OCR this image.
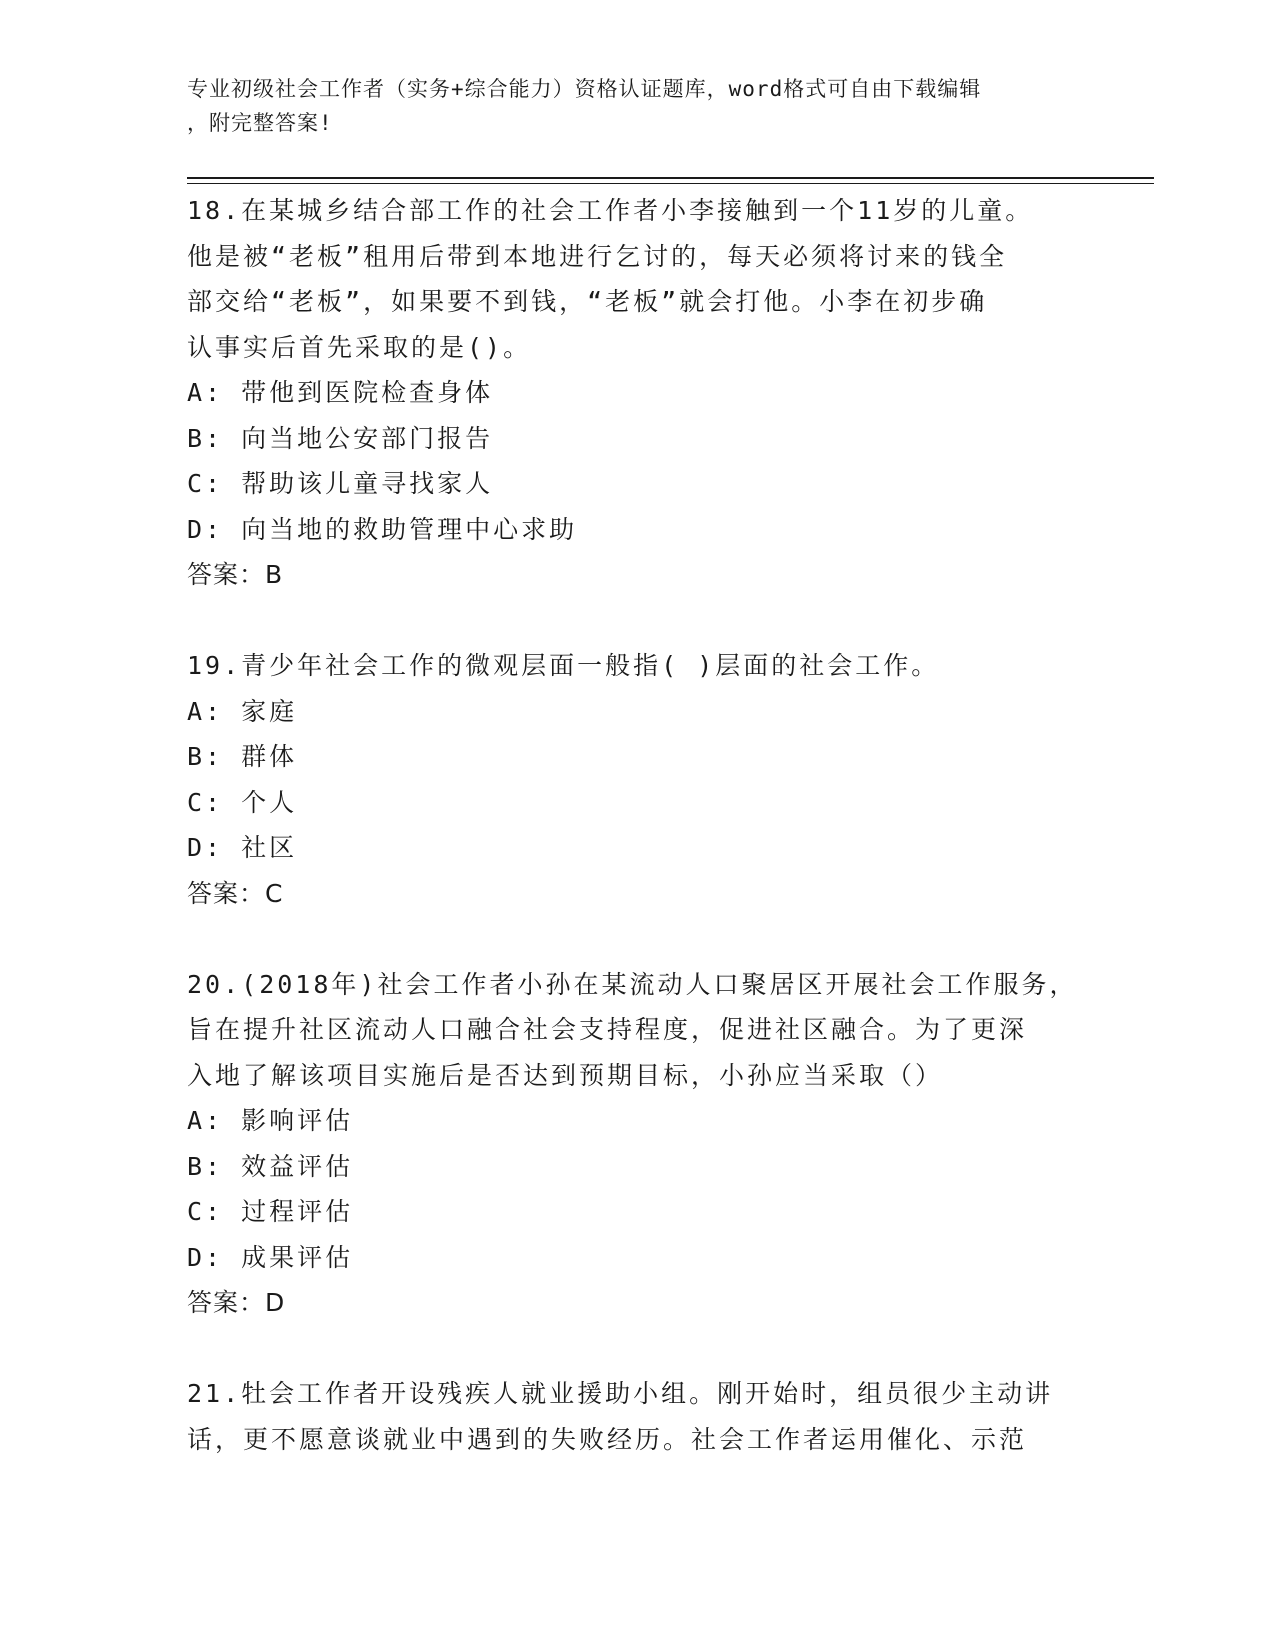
专业初级社会工作者（实务+综合能力）资格认证题库，word格式可自由下载编辑
，附完整答案!
18.在某城乡结合部工作的社会工作者小李接触到一个11岁的儿童。
他是被“老板”租用后带到本地进行乞讨的，每天必须将讨来的钱全
部交给“老板”，如果要不到钱，“老板”就会打他。小李在初步确
认事实后首先采取的是()。
A: 带他到医院检查身体
B: 向当地公安部门报告
C: 帮助该儿童寻找家人
D: 向当地的救助管理中心求助
答案：B
19.青少年社会工作的微观层面一般指( )层面的社会工作。
A: 家庭
B: 群体
C: 个人
D: 社区
答案：C
20.(2018年)社会工作者小孙在某流动人口聚居区开展社会工作服务，
旨在提升社区流动人口融合社会支持程度，促进社区融合。为了更深
入地了解该项目实施后是否达到预期目标，小孙应当采取（）
A: 影响评估
B: 效益评估
C: 过程评估
D: 成果评估
答案：D
21.牡会工作者开设残疾人就业援助小组。刚开始时，组员很少主动讲
话，更不愿意谈就业中遇到的失败经历。社会工作者运用催化、示范
